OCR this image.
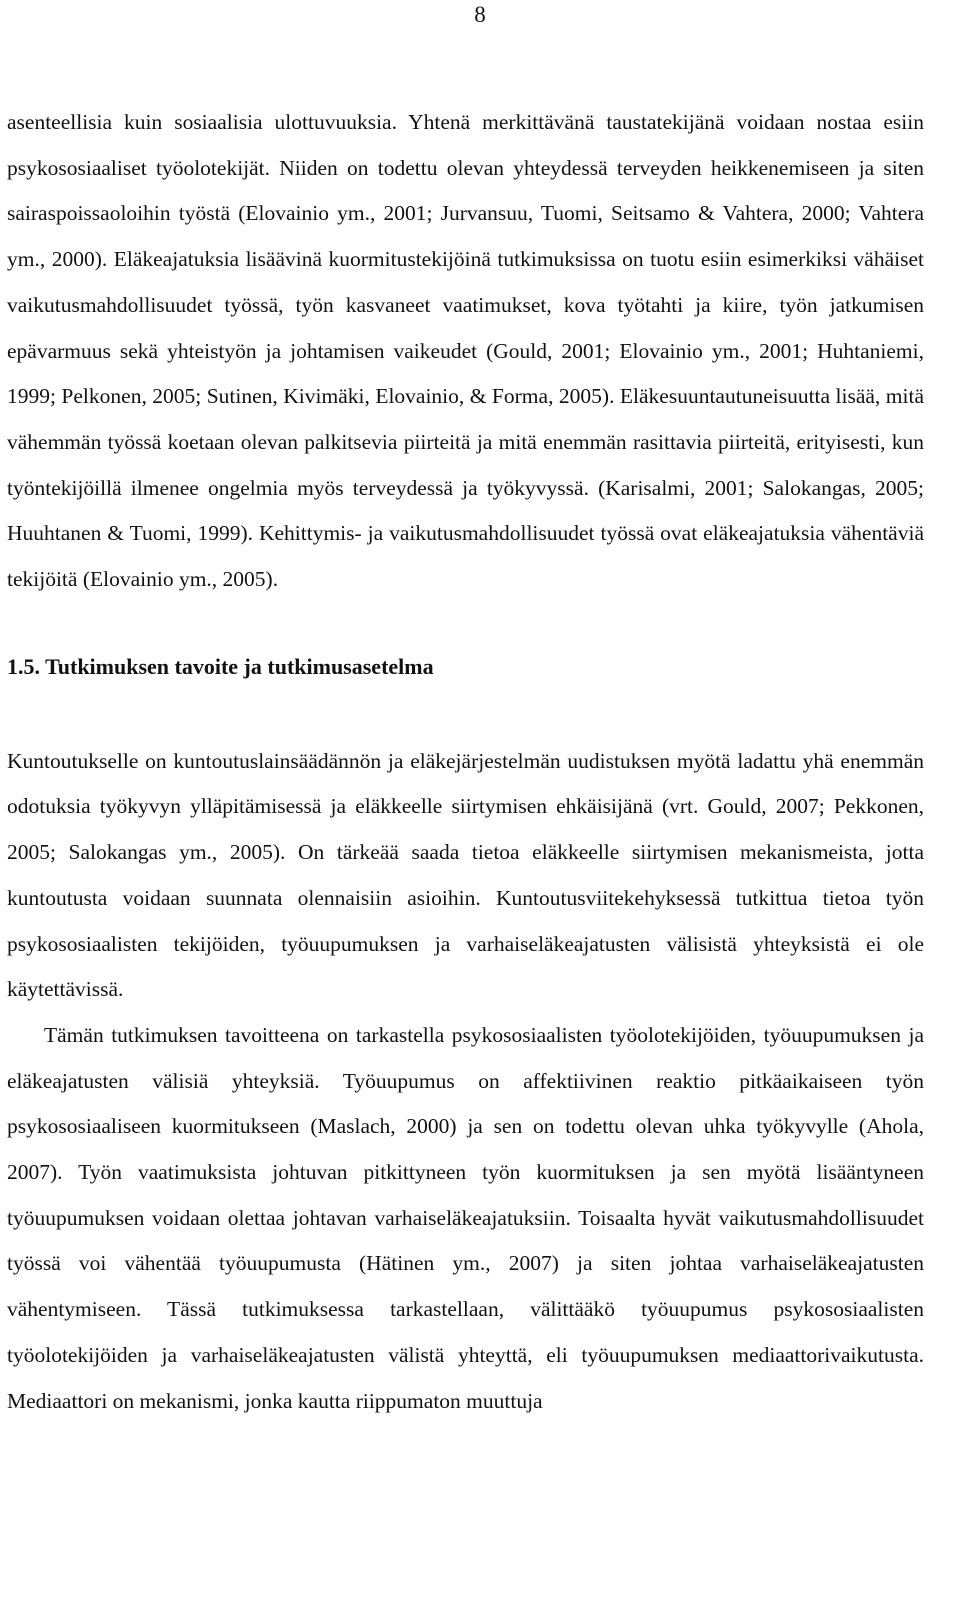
8

asenteellisia kuin sosiaalisia ulottuvuuksia. Yhtenä merkittävänä taustatekijänä voidaan nostaa esiin psykososiaaliset työolotekijät. Niiden on todettu olevan yhteydessä terveyden heikkenemiseen ja siten sairaspoissaoloihin työstä (Elovainio ym., 2001; Jurvansuu, Tuomi, Seitsamo & Vahtera, 2000; Vahtera ym., 2000). Eläkeajatuksia lisäävinä kuormitustekijöinä tutkimuksissa on tuotu esiin esimerkiksi vähäiset vaikutusmahdollisuudet työssä, työn kasvaneet vaatimukset, kova työtahti ja kiire, työn jatkumisen epävarmuus sekä yhteistyön ja johtamisen vaikeudet (Gould, 2001; Elovainio ym., 2001; Huhtaniemi, 1999; Pelkonen, 2005; Sutinen, Kivimäki, Elovainio, & Forma, 2005). Eläkesuuntautuneisuutta lisää, mitä vähemmän työssä koetaan olevan palkitsevia piirteitä ja mitä enemmän rasittavia piirteitä, erityisesti, kun työntekijöillä ilmenee ongelmia myös terveydessä ja työkyvyssä. (Karisalmi, 2001; Salokangas, 2005; Huuhtanen & Tuomi, 1999). Kehittymis- ja vaikutusmahdollisuudet työssä ovat eläkeajatuksia vähentäviä tekijöitä (Elovainio ym., 2005).

1.5. Tutkimuksen tavoite ja tutkimusasetelma

Kuntoutukselle on kuntoutuslainsäädännön ja eläkejärjestelmän uudistuksen myötä ladattu yhä enemmän odotuksia työkyvyn ylläpitämisessä ja eläkkeelle siirtymisen ehkäisijänä (vrt. Gould, 2007; Pekkonen, 2005; Salokangas ym., 2005). On tärkeää saada tietoa eläkkeelle siirtymisen mekanismeista, jotta kuntoutusta voidaan suunnata olennaisiin asioihin. Kuntoutusviitekehyksessä tutkittua tietoa työn psykososiaalisten tekijöiden, työuupumuksen ja varhaiseläkeajatusten välisistä yhteyksistä ei ole käytettävissä.

Tämän tutkimuksen tavoitteena on tarkastella psykososiaalisten työolotekijöiden, työuupumuksen ja eläkeajatusten välisiä yhteyksiä. Työuupumus on affektiivinen reaktio pitkäaikaiseen työn psykososiaaliseen kuormitukseen (Maslach, 2000) ja sen on todettu olevan uhka työkyvylle (Ahola, 2007). Työn vaatimuksista johtuvan pitkittyneen työn kuormituksen ja sen myötä lisääntyneen työuupumuksen voidaan olettaa johtavan varhaiseläkeajatuksiin. Toisaalta hyvät vaikutusmahdollisuudet työssä voi vähentää työuupumusta (Hätinen ym., 2007) ja siten johtaa varhaiseläkeajatusten vähentymiseen. Tässä tutkimuksessa tarkastellaan, välittääkö työuupumus psykososiaalisten työolotekijöiden ja varhaiseläkeajatusten välistä yhteyttä, eli työuupumuksen mediaattorivaikutusta. Mediaattori on mekanismi, jonka kautta riippumaton muuttuja
